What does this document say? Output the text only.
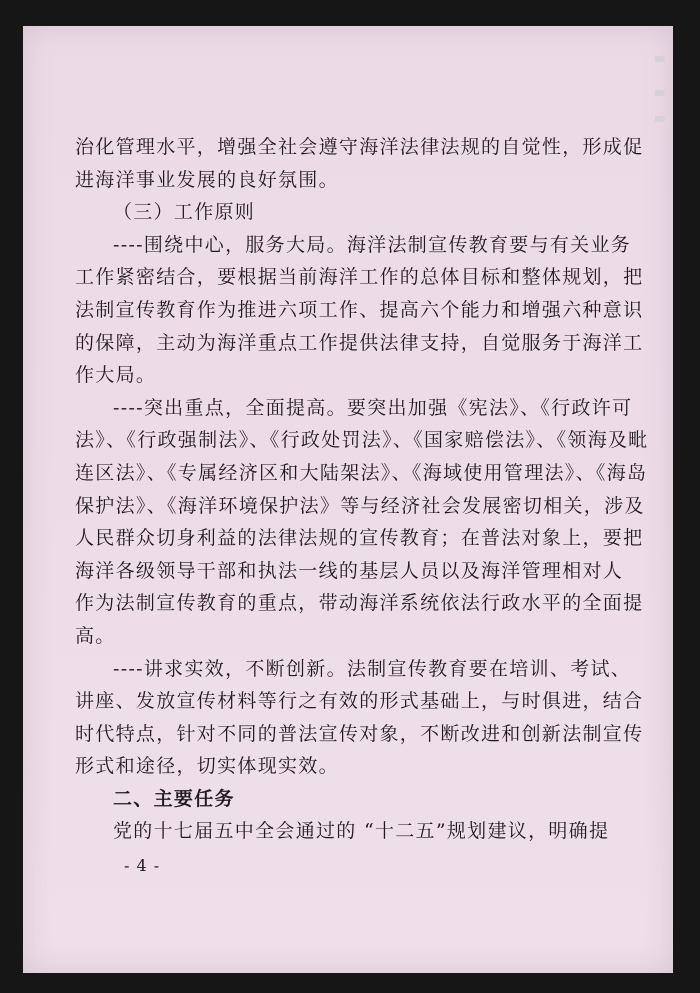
治化管理水平，增强全社会遵守海洋法律法规的自觉性，形成促
进海洋事业发展的良好氛围。
（三）工作原则
----围绕中心，服务大局。海洋法制宣传教育要与有关业务
工作紧密结合，要根据当前海洋工作的总体目标和整体规划，把
法制宣传教育作为推进六项工作、提高六个能力和增强六种意识
的保障，主动为海洋重点工作提供法律支持，自觉服务于海洋工
作大局。
----突出重点，全面提高。要突出加强《宪法》、《行政许可
法》、《行政强制法》、《行政处罚法》、《国家赔偿法》、《领海及毗
连区法》、《专属经济区和大陆架法》、《海域使用管理法》、《海岛
保护法》、《海洋环境保护法》等与经济社会发展密切相关，涉及
人民群众切身利益的法律法规的宣传教育；在普法对象上，要把
海洋各级领导干部和执法一线的基层人员以及海洋管理相对人
作为法制宣传教育的重点，带动海洋系统依法行政水平的全面提
高。
----讲求实效，不断创新。法制宣传教育要在培训、考试、
讲座、发放宣传材料等行之有效的形式基础上，与时俱进，结合
时代特点，针对不同的普法宣传对象，不断改进和创新法制宣传
形式和途径，切实体现实效。
二、主要任务
党的十七届五中全会通过的 “十二五”规划建议，明确提
- 4 -
